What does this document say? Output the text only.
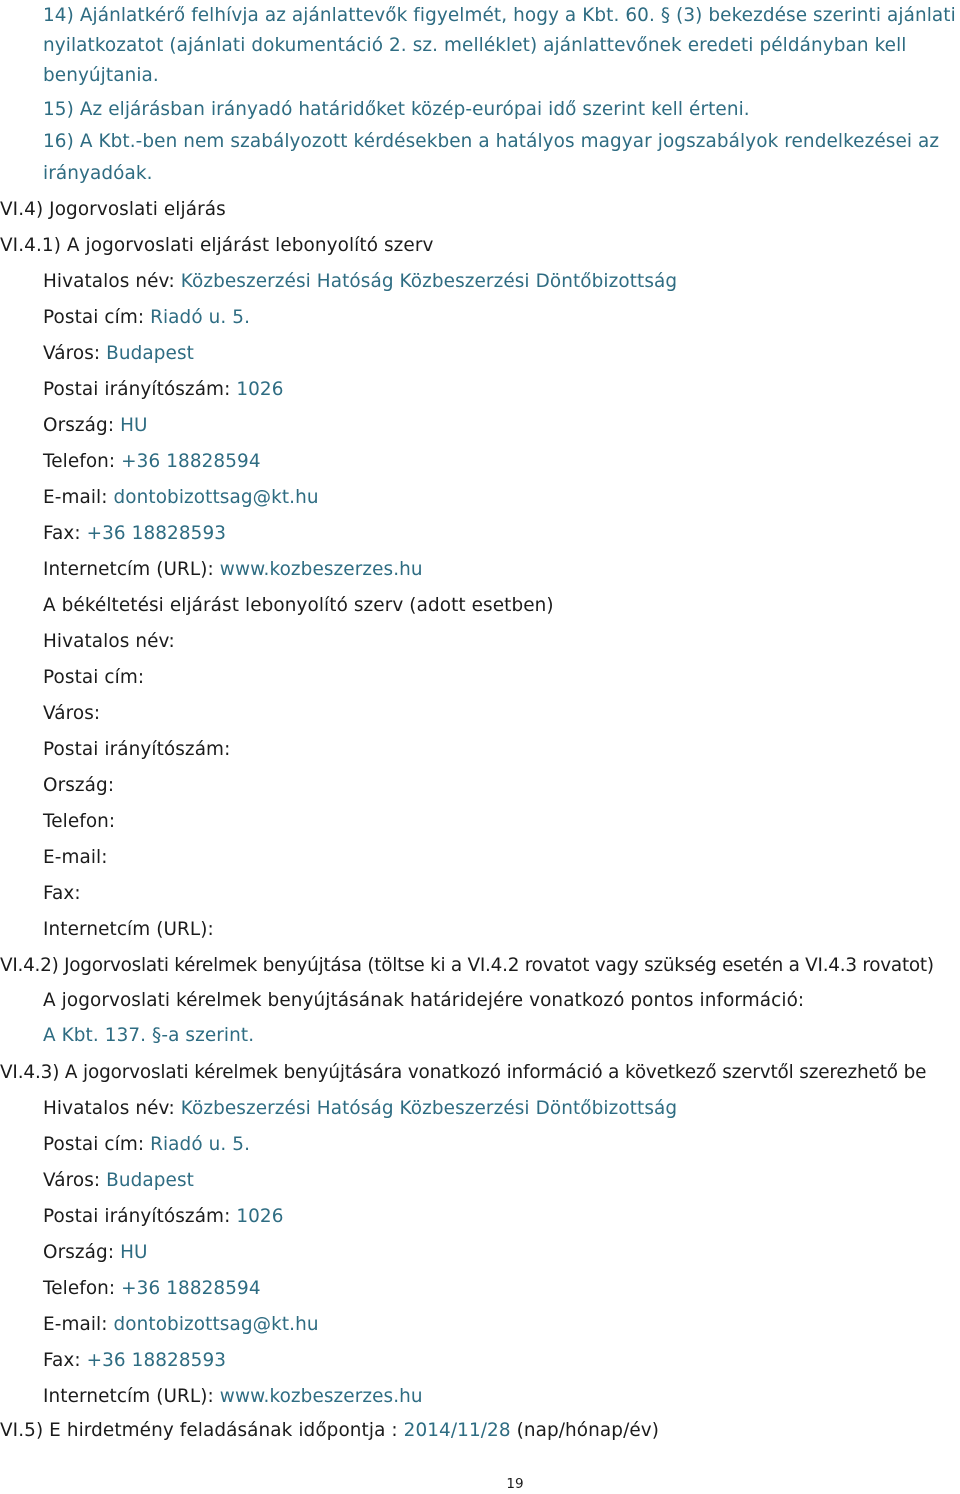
14) Ajánlatkérő felhívja az ajánlattevők figyelmét, hogy a Kbt. 60. § (3) bekezdése szerinti ajánlati
nyilatkozatot (ajánlati dokumentáció 2. sz. melléklet) ajánlattevőnek eredeti példányban kell
benyújtania.
15) Az eljárásban irányadó határidőket közép-európai idő szerint kell érteni.
16) A Kbt.-ben nem szabályozott kérdésekben a hatályos magyar jogszabályok rendelkezései az
irányadóak.
VI.4) Jogorvoslati eljárás
VI.4.1) A jogorvoslati eljárást lebonyolító szerv
Hivatalos név: Közbeszerzési Hatóság Közbeszerzési Döntőbizottság
Postai cím: Riadó u. 5.
Város: Budapest
Postai irányítószám: 1026
Ország: HU
Telefon: +36 18828594
E-mail: dontobizottsag@kt.hu
Fax: +36 18828593
Internetcím (URL): www.kozbeszerzes.hu
A békéltetési eljárást lebonyolító szerv (adott esetben)
Hivatalos név:
Postai cím:
Város:
Postai irányítószám:
Ország:
Telefon:
E-mail:
Fax:
Internetcím (URL):
VI.4.2) Jogorvoslati kérelmek benyújtása (töltse ki a VI.4.2 rovatot vagy szükség esetén a VI.4.3 rovatot)
A jogorvoslati kérelmek benyújtásának határidejére vonatkozó pontos információ:
A Kbt. 137. §-a szerint.
VI.4.3) A jogorvoslati kérelmek benyújtására vonatkozó információ a következő szervtől szerezhető be
Hivatalos név: Közbeszerzési Hatóság Közbeszerzési Döntőbizottság
Postai cím: Riadó u. 5.
Város: Budapest
Postai irányítószám: 1026
Ország: HU
Telefon: +36 18828594
E-mail: dontobizottsag@kt.hu
Fax: +36 18828593
Internetcím (URL): www.kozbeszerzes.hu
VI.5) E hirdetmény feladásának időpontja : 2014/11/28 (nap/hónap/év)
19
